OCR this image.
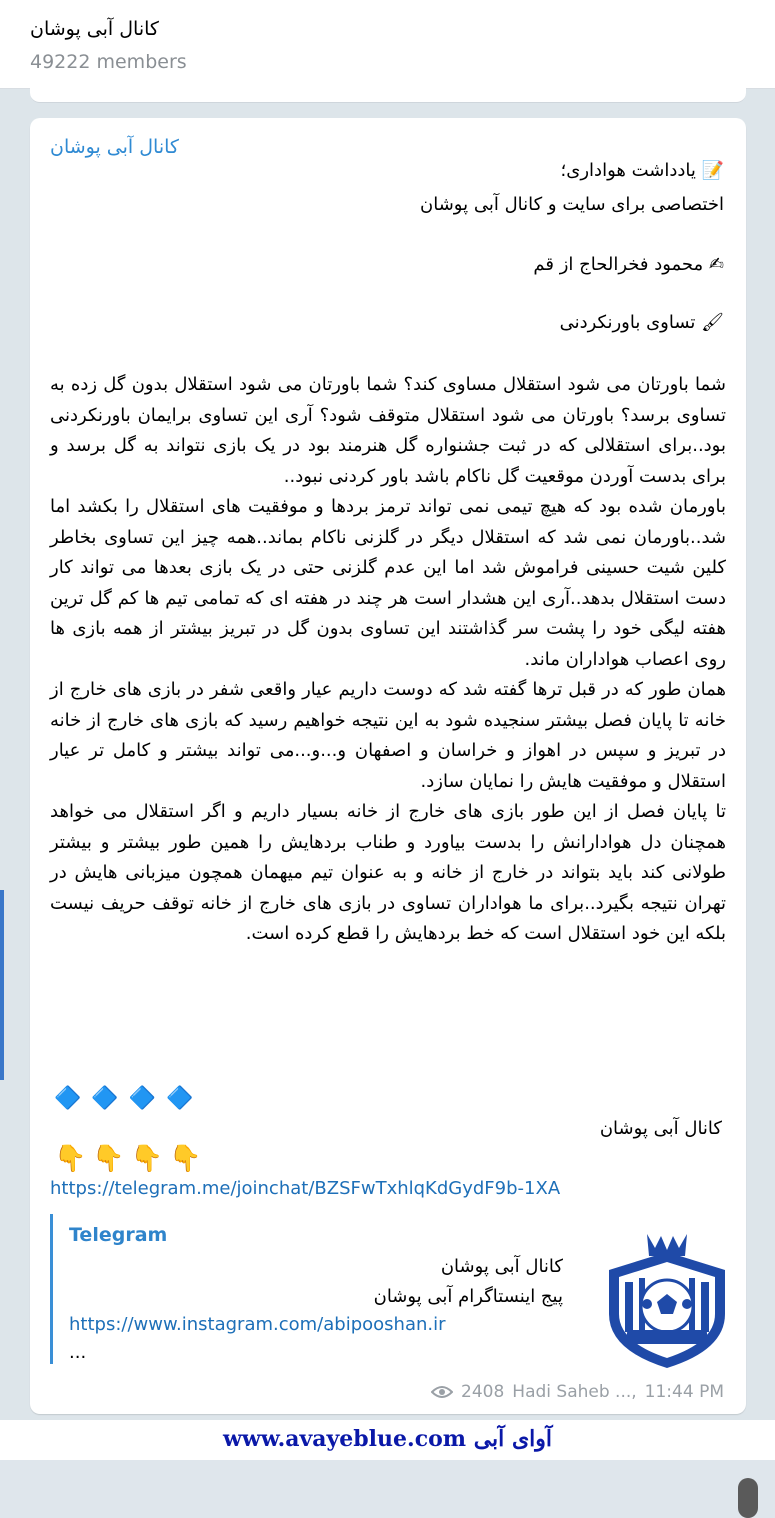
کانال آبی پوشان
49222 members
کانال آبی پوشان
📝 یادداشت هواداری؛
اختصاصی برای سایت و کانال آبی پوشان
✍ محمود فخرالحاج از قم
🖌 تساوی باورنکردنی

شما باورتان می شود استقلال مساوی کند؟ شما باورتان می شود استقلال بدون گل زده به تساوی برسد؟ باورتان می شود استقلال متوقف شود؟ آری این تساوی برایمان باورنکردنی بود..برای استقلالی که در ثبت جشنواره گل هنرمند بود در یک بازی نتواند به گل برسد و برای بدست آوردن موقعیت گل ناکام باشد باور کردنی نبود..

باورمان شده بود که هیچ تیمی نمی تواند ترمز بردها و موفقیت های استقلال را بکشد اما شد..باورمان نمی شد که استقلال دیگر در گلزنی ناکام بماند..همه چیز این تساوی بخاطر کلین شیت حسینی فراموش شد اما این عدم گلزنی حتی در یک بازی بعدها می تواند کار دست استقلال بدهد..آری این هشدار است هر چند در هفته ای که تمامی تیم ها کم گل ترین هفته لیگی خود را پشت سر گذاشتند این تساوی بدون گل در تبریز بیشتر از همه بازی ها روی اعصاب هواداران ماند.

همان طور که در قبل ترها گفته شد که دوست داریم عیار واقعی شفر در بازی های خارج از خانه تا پایان فصل بیشتر سنجیده شود به این نتیجه خواهیم رسید که بازی های خارج از خانه در تبریز و سپس در اهواز و خراسان و اصفهان و...و...می تواند بیشتر و کامل تر عیار استقلال و موفقیت هایش را نمایان سازد.

تا پایان فصل از این طور بازی های خارج از خانه بسیار داریم و اگر استقلال می خواهد همچنان دل هوادارانش را بدست بیاورد و طناب بردهایش را همین طور بیشتر و بیشتر طولانی کند باید بتواند در خارج از خانه و به عنوان تیم میهمان همچون میزبانی هایش در تهران نتیجه بگیرد..برای ما هواداران تساوی در بازی های خارج از خانه توقف حریف نیست بلکه این خود استقلال است که خط بردهایش را قطع کرده است.

🔷🔷🔷🔷
کانال آبی پوشان
👇👇👇👇
https://telegram.me/joinchat/BZSFwTxhlqKdGydF9b-1XA
Telegram
کانال آبی پوشان
پیج اینستاگرام آبی پوشان
https://www.instagram.com/abipooshan.ir
...
2408 Hadi Saheb ..., 11:44 PM
www.avayeblue.com آوای آبی
